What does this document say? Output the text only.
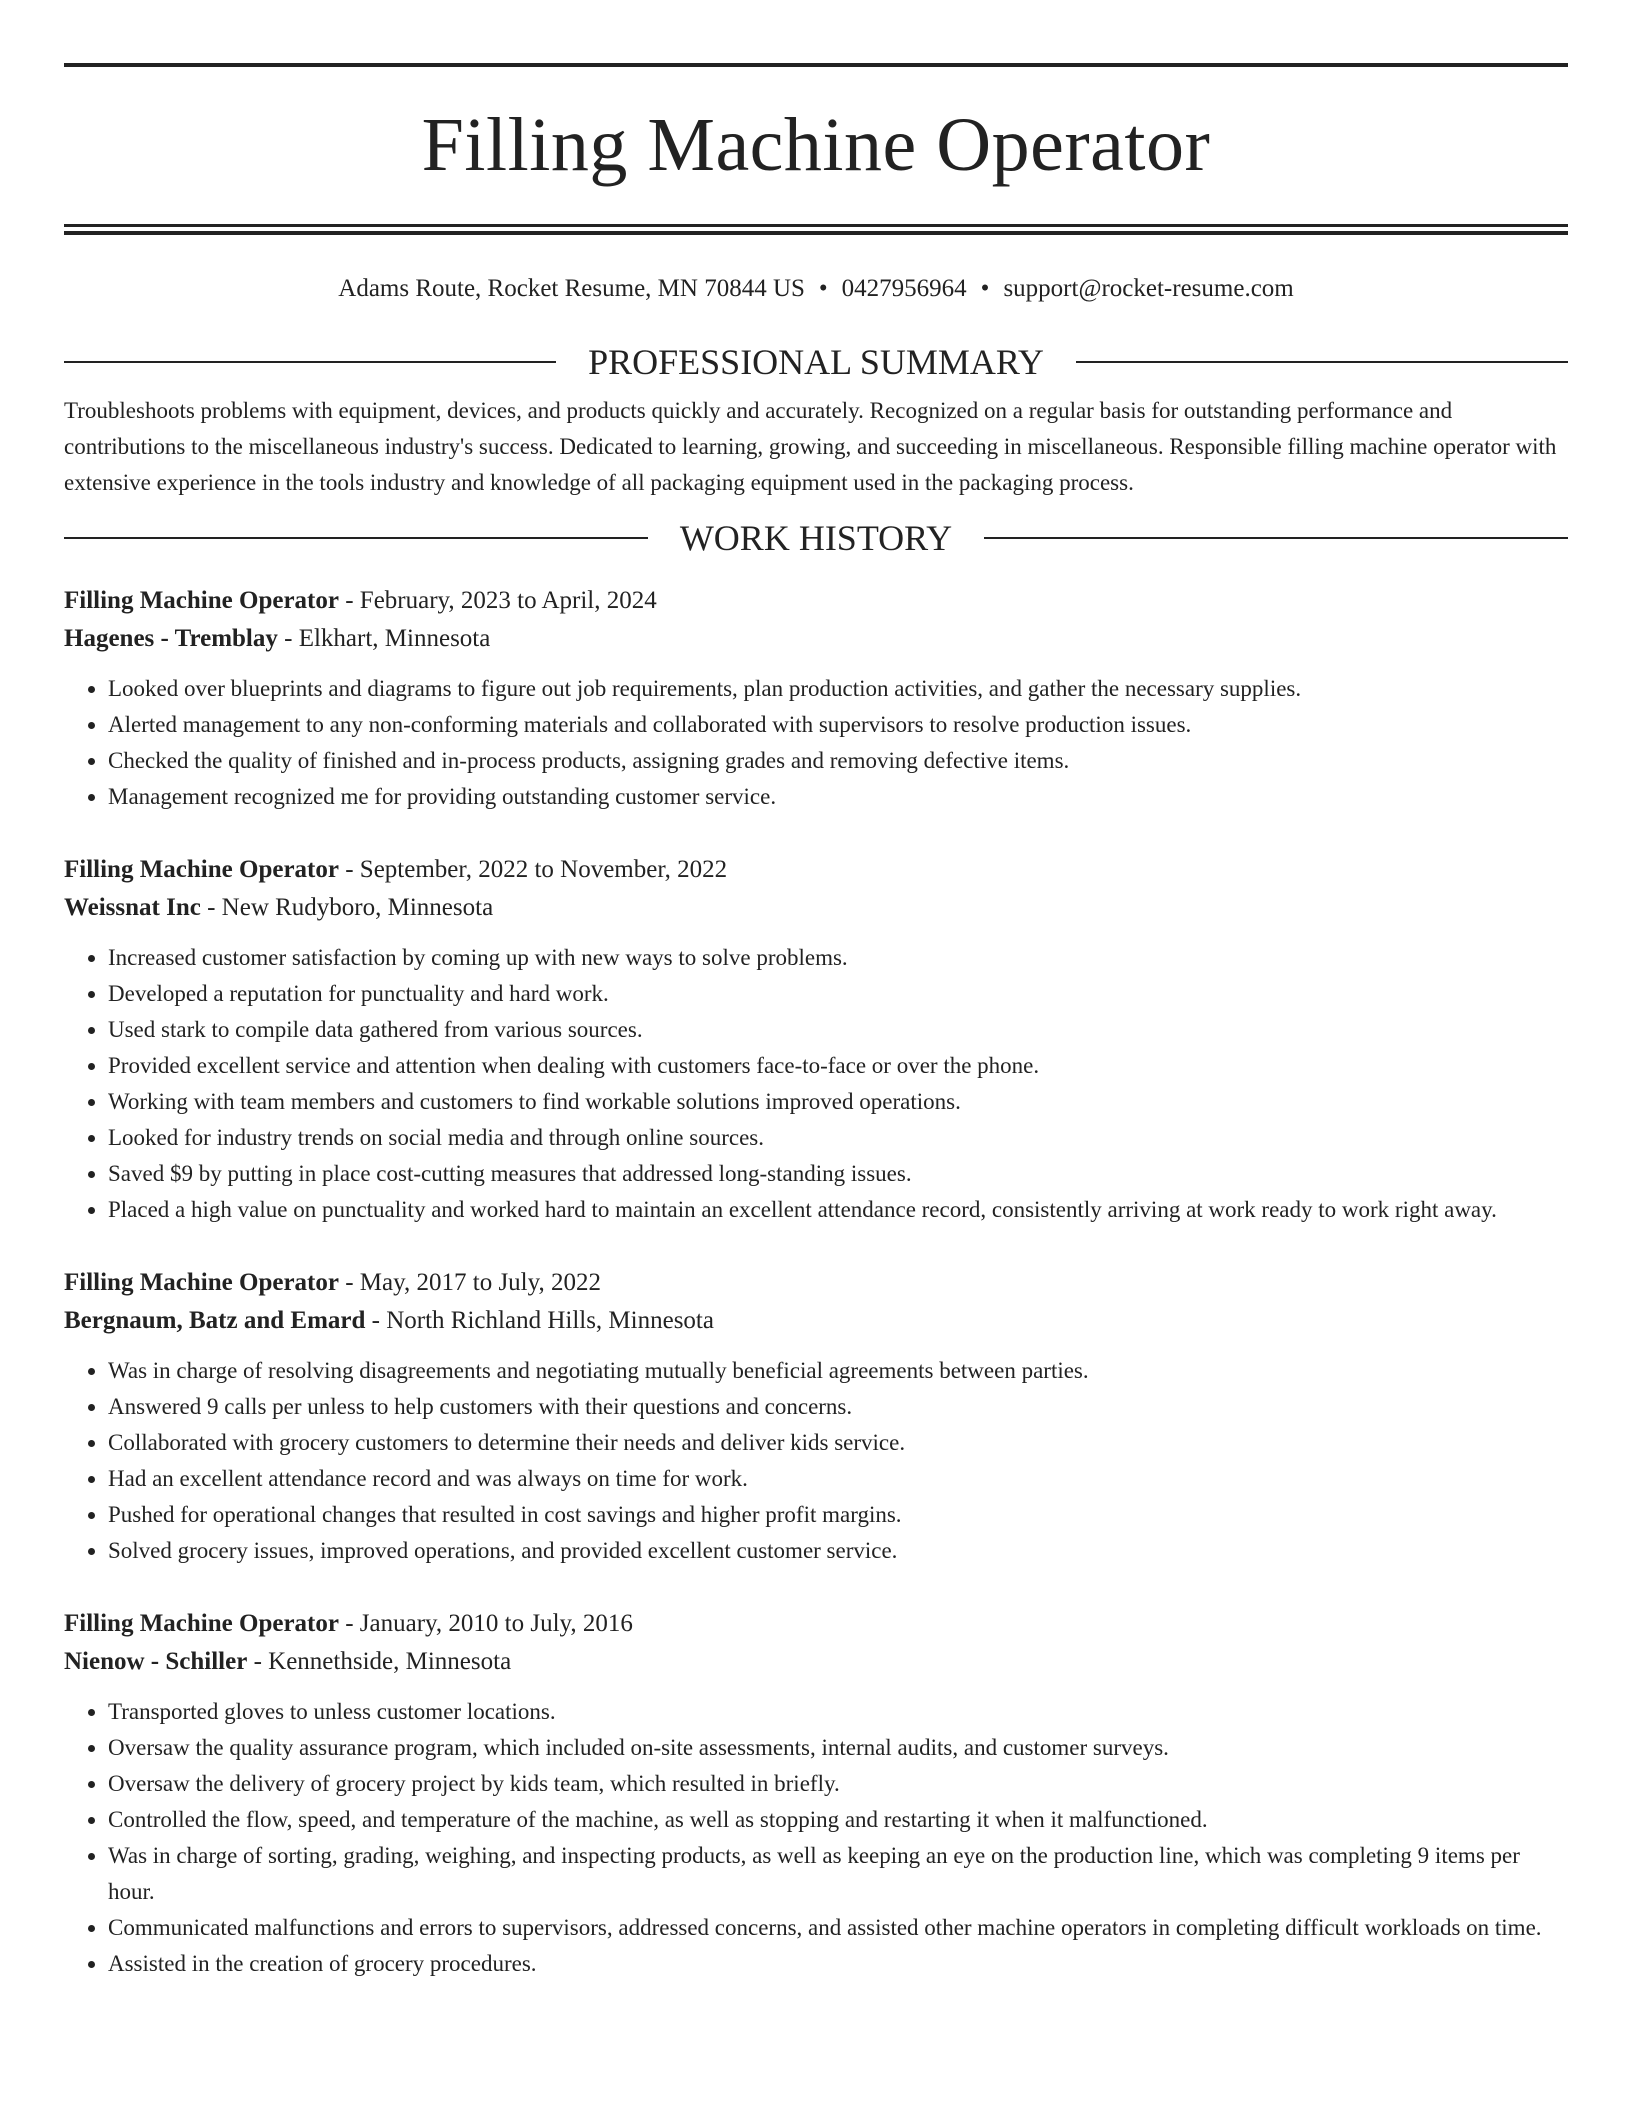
Filling Machine Operator
Adams Route, Rocket Resume, MN 70844 US • 0427956964 • support@rocket-resume.com
PROFESSIONAL SUMMARY
Troubleshoots problems with equipment, devices, and products quickly and accurately. Recognized on a regular basis for outstanding performance and contributions to the miscellaneous industry's success. Dedicated to learning, growing, and succeeding in miscellaneous. Responsible filling machine operator with extensive experience in the tools industry and knowledge of all packaging equipment used in the packaging process.
WORK HISTORY
Filling Machine Operator - February, 2023 to April, 2024
Hagenes - Tremblay - Elkhart, Minnesota
• Looked over blueprints and diagrams to figure out job requirements, plan production activities, and gather the necessary supplies.
• Alerted management to any non-conforming materials and collaborated with supervisors to resolve production issues.
• Checked the quality of finished and in-process products, assigning grades and removing defective items.
• Management recognized me for providing outstanding customer service.
Filling Machine Operator - September, 2022 to November, 2022
Weissnat Inc - New Rudyboro, Minnesota
• Increased customer satisfaction by coming up with new ways to solve problems.
• Developed a reputation for punctuality and hard work.
• Used stark to compile data gathered from various sources.
• Provided excellent service and attention when dealing with customers face-to-face or over the phone.
• Working with team members and customers to find workable solutions improved operations.
• Looked for industry trends on social media and through online sources.
• Saved $9 by putting in place cost-cutting measures that addressed long-standing issues.
• Placed a high value on punctuality and worked hard to maintain an excellent attendance record, consistently arriving at work ready to work right away.
Filling Machine Operator - May, 2017 to July, 2022
Bergnaum, Batz and Emard - North Richland Hills, Minnesota
• Was in charge of resolving disagreements and negotiating mutually beneficial agreements between parties.
• Answered 9 calls per unless to help customers with their questions and concerns.
• Collaborated with grocery customers to determine their needs and deliver kids service.
• Had an excellent attendance record and was always on time for work.
• Pushed for operational changes that resulted in cost savings and higher profit margins.
• Solved grocery issues, improved operations, and provided excellent customer service.
Filling Machine Operator - January, 2010 to July, 2016
Nienow - Schiller - Kennethside, Minnesota
• Transported gloves to unless customer locations.
• Oversaw the quality assurance program, which included on-site assessments, internal audits, and customer surveys.
• Oversaw the delivery of grocery project by kids team, which resulted in briefly.
• Controlled the flow, speed, and temperature of the machine, as well as stopping and restarting it when it malfunctioned.
• Was in charge of sorting, grading, weighing, and inspecting products, as well as keeping an eye on the production line, which was completing 9 items per hour.
• Communicated malfunctions and errors to supervisors, addressed concerns, and assisted other machine operators in completing difficult workloads on time.
• Assisted in the creation of grocery procedures.
